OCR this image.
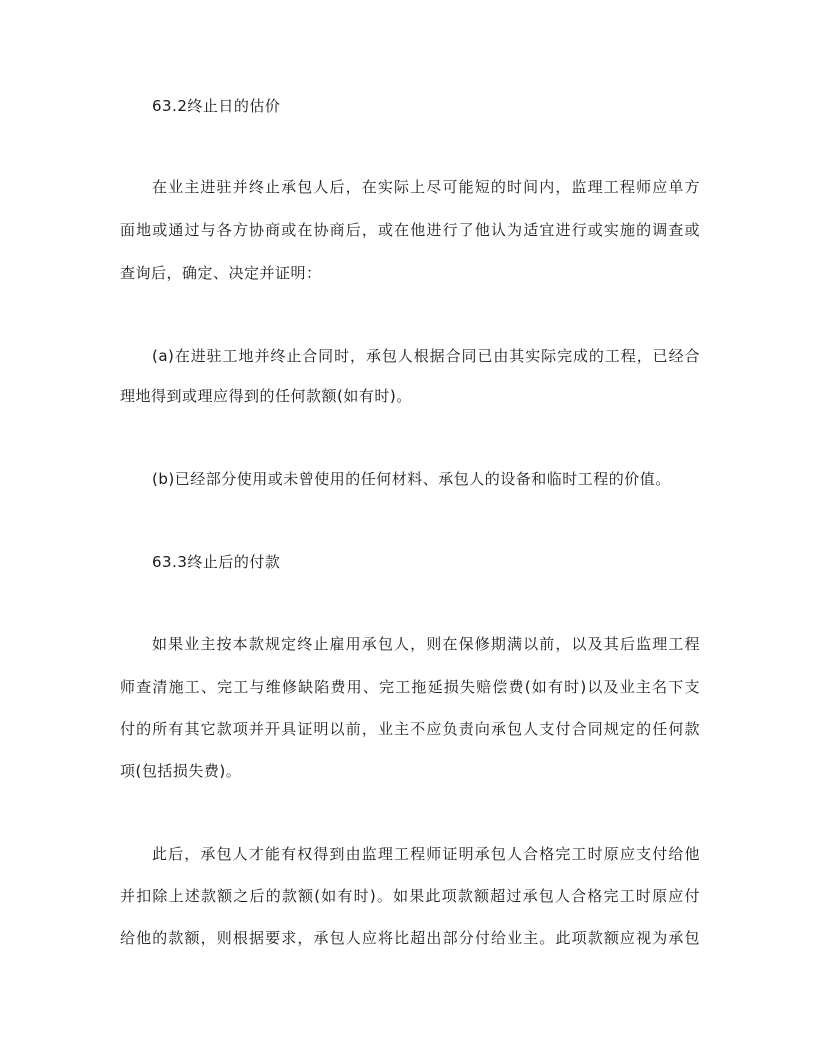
63.2终止日的估价
在业主进驻并终止承包人后，在实际上尽可能短的时间内，监理工程师应单方
面地或通过与各方协商或在协商后，或在他进行了他认为适宜进行或实施的调查或
查询后，确定、决定并证明：
(a)在进驻工地并终止合同时，承包人根据合同已由其实际完成的工程，已经合
理地得到或理应得到的任何款额(如有时)。
(b)已经部分使用或未曾使用的任何材料、承包人的设备和临时工程的价值。
63.3终止后的付款
如果业主按本款规定终止雇用承包人，则在保修期满以前，以及其后监理工程
师查清施工、完工与维修缺陷费用、完工拖延损失赔偿费(如有时)以及业主名下支
付的所有其它款项并开具证明以前，业主不应负责向承包人支付合同规定的任何款
项(包括损失费)。
此后，承包人才能有权得到由监理工程师证明承包人合格完工时原应支付给他
并扣除上述款额之后的款额(如有时)。如果此项款额超过承包人合格完工时原应付
给他的款额，则根据要求，承包人应将比超出部分付给业主。此项款额应视为承包
